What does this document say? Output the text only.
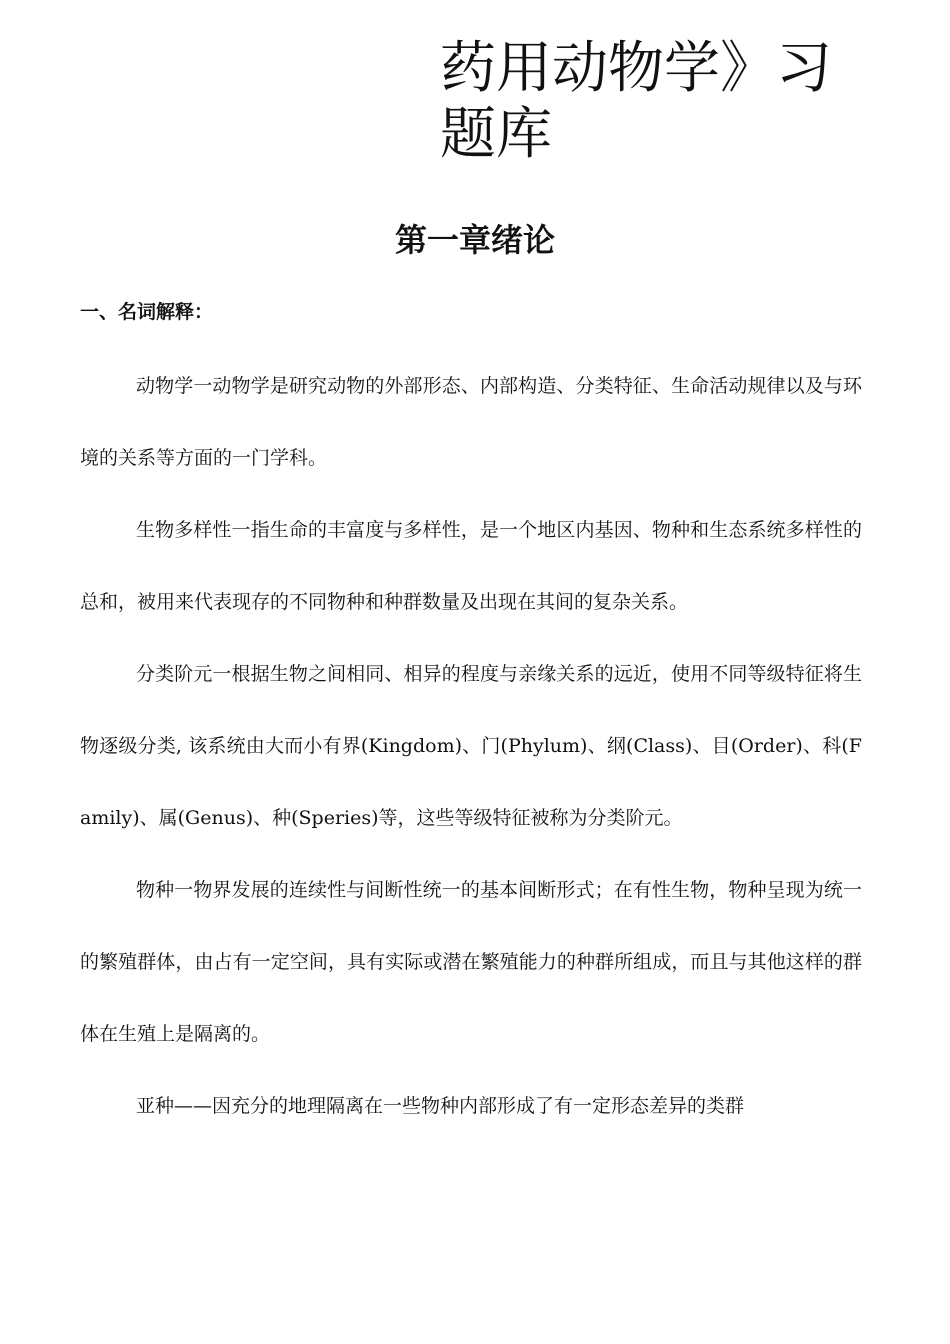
药用动物学》习题库
第一章绪论
一、名词解释：

动物学一动物学是研究动物的外部形态、内部构造、分类特征、生命活动规律以及与环境的关系等方面的一门学科。

生物多样性一指生命的丰富度与多样性，是一个地区内基因、物种和生态系统多样性的总和，被用来代表现存的不同物种和种群数量及出现在其间的复杂关系。

分类阶元一根据生物之间相同、相异的程度与亲缘关系的远近，使用不同等级特征将生物逐级分类, 该系统由大而小有界(Kingdom)、门(Phylum)、纲(Class)、目(Order)、科(Family)、属(Genus)、种(Speries)等，这些等级特征被称为分类阶元。

物种一物界发展的连续性与间断性统一的基本间断形式；在有性生物，物种呈现为统一的繁殖群体，由占有一定空间，具有实际或潜在繁殖能力的种群所组成，而且与其他这样的群体在生殖上是隔离的。

亚种——因充分的地理隔离在一些物种内部形成了有一定形态差异的类群
